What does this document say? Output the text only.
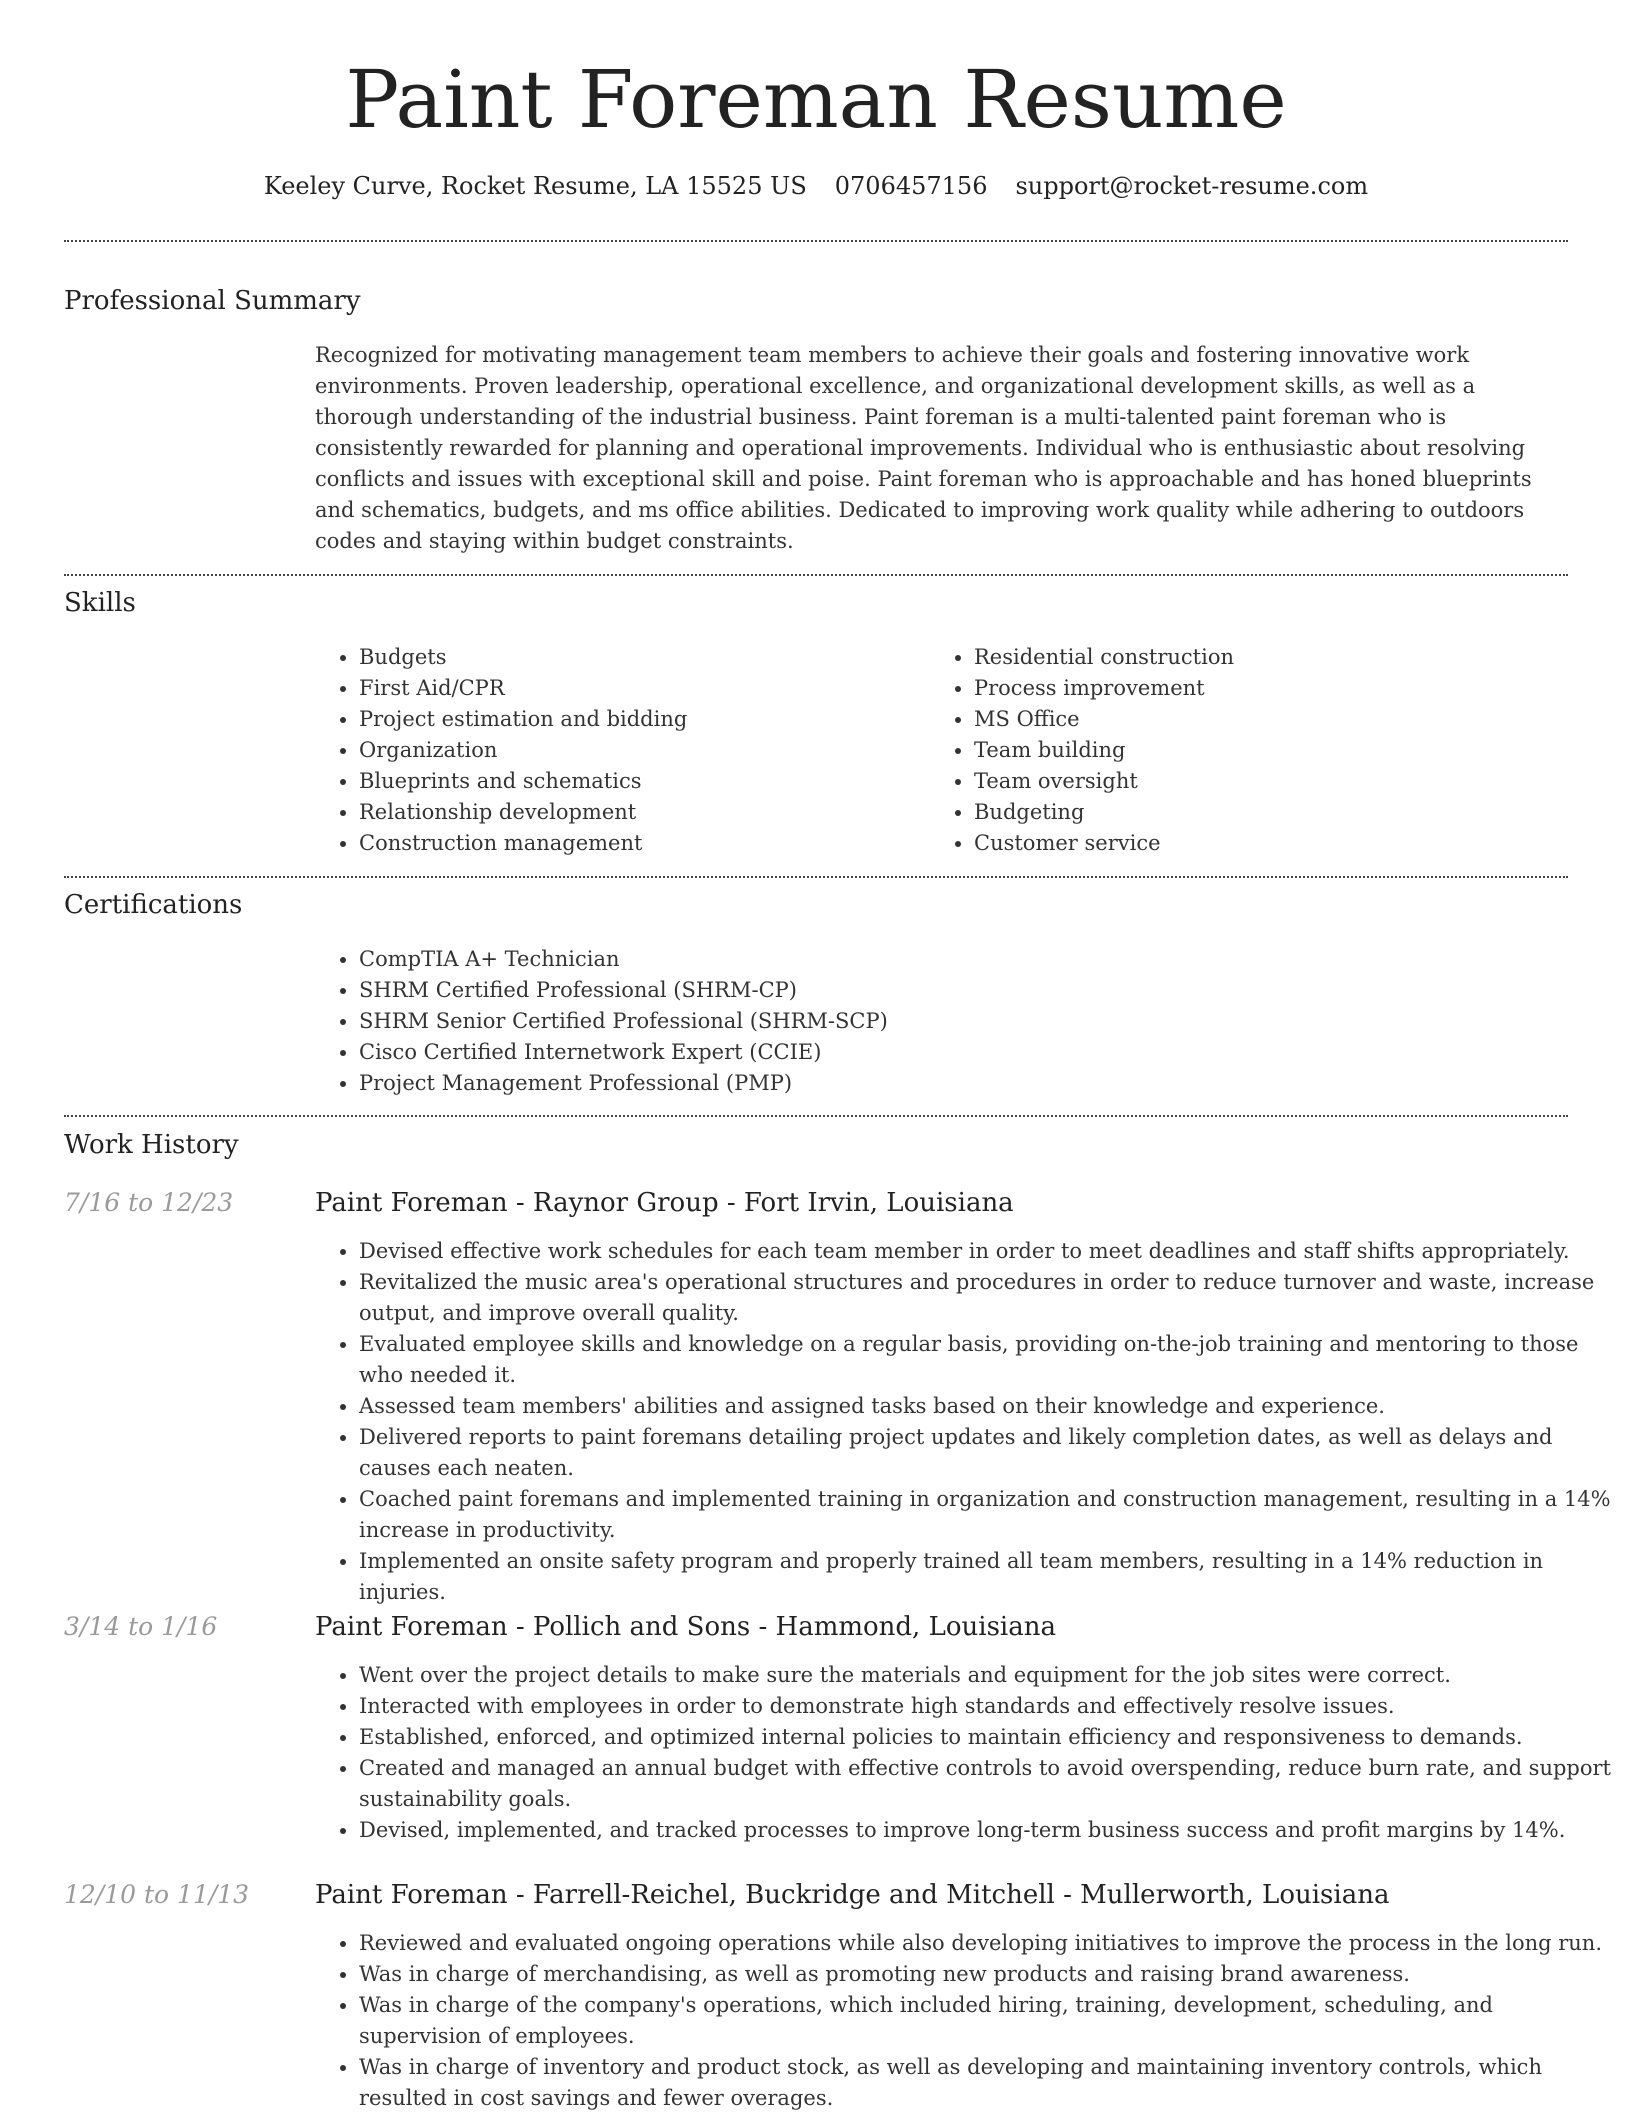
Paint Foreman Resume
Keeley Curve, Rocket Resume, LA 15525 US 0706457156 support@rocket-resume.com
Professional Summary
Recognized for motivating management team members to achieve their goals and fostering innovative work environments. Proven leadership, operational excellence, and organizational development skills, as well as a thorough understanding of the industrial business. Paint foreman is a multi-talented paint foreman who is consistently rewarded for planning and operational improvements. Individual who is enthusiastic about resolving conflicts and issues with exceptional skill and poise. Paint foreman who is approachable and has honed blueprints and schematics, budgets, and ms office abilities. Dedicated to improving work quality while adhering to outdoors codes and staying within budget constraints.
Skills
• Budgets
• First Aid/CPR
• Project estimation and bidding
• Organization
• Blueprints and schematics
• Relationship development
• Construction management
• Residential construction
• Process improvement
• MS Office
• Team building
• Team oversight
• Budgeting
• Customer service
Certifications
• CompTIA A+ Technician
• SHRM Certified Professional (SHRM-CP)
• SHRM Senior Certified Professional (SHRM-SCP)
• Cisco Certified Internetwork Expert (CCIE)
• Project Management Professional (PMP)
Work History
7/16 to 12/23	Paint Foreman - Raynor Group - Fort Irvin, Louisiana
• Devised effective work schedules for each team member in order to meet deadlines and staff shifts appropriately.
• Revitalized the music area's operational structures and procedures in order to reduce turnover and waste, increase output, and improve overall quality.
• Evaluated employee skills and knowledge on a regular basis, providing on-the-job training and mentoring to those who needed it.
• Assessed team members' abilities and assigned tasks based on their knowledge and experience.
• Delivered reports to paint foremans detailing project updates and likely completion dates, as well as delays and causes each neaten.
• Coached paint foremans and implemented training in organization and construction management, resulting in a 14% increase in productivity.
• Implemented an onsite safety program and properly trained all team members, resulting in a 14% reduction in injuries.
3/14 to 1/16	Paint Foreman - Pollich and Sons - Hammond, Louisiana
• Went over the project details to make sure the materials and equipment for the job sites were correct.
• Interacted with employees in order to demonstrate high standards and effectively resolve issues.
• Established, enforced, and optimized internal policies to maintain efficiency and responsiveness to demands.
• Created and managed an annual budget with effective controls to avoid overspending, reduce burn rate, and support sustainability goals.
• Devised, implemented, and tracked processes to improve long-term business success and profit margins by 14%.
12/10 to 11/13	Paint Foreman - Farrell-Reichel, Buckridge and Mitchell - Mullerworth, Louisiana
• Reviewed and evaluated ongoing operations while also developing initiatives to improve the process in the long run.
• Was in charge of merchandising, as well as promoting new products and raising brand awareness.
• Was in charge of the company's operations, which included hiring, training, development, scheduling, and supervision of employees.
• Was in charge of inventory and product stock, as well as developing and maintaining inventory controls, which resulted in cost savings and fewer overages.
